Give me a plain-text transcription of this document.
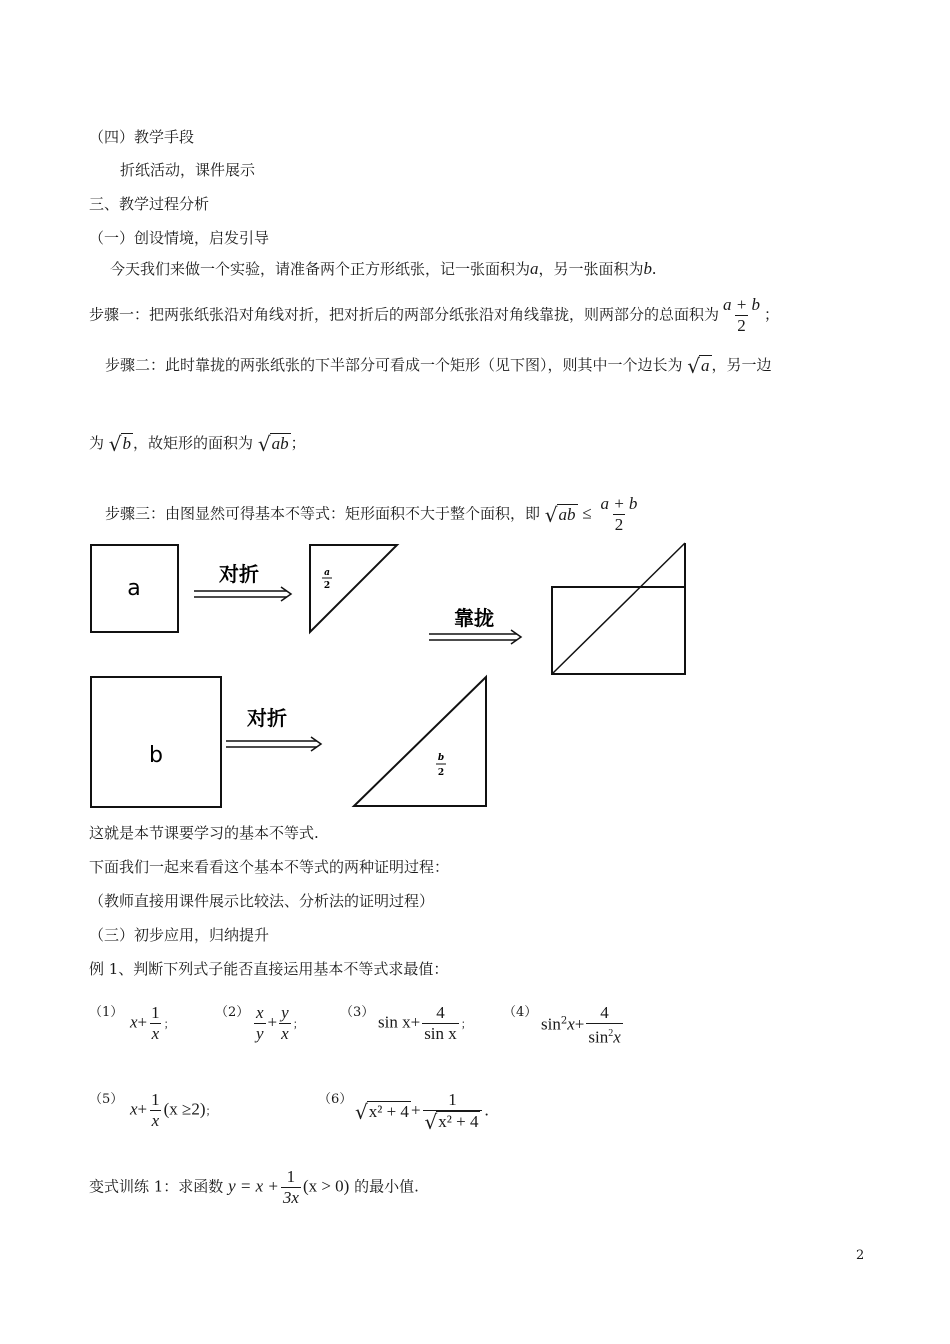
（四）教学手段
折纸活动，课件展示
三、教学过程分析
（一）创设情境，启发引导
今天我们来做一个实验，请准备两个正方形纸张，记一张面积为a，另一张面积为b.
步骤一：把两张纸张沿对角线对折，把对折后的两部分纸张沿对角线靠拢，则两部分的总面积为 $\frac{a + b}{2}$ ；
步骤二：此时靠拢的两张纸张的下半部分可看成一个矩形（见下图），则其中一个边长为 √ a ，另一边
为 √ b ，故矩形的面积为 √ ab ；
步骤三：由图显然可得基本不等式：矩形面积不大于整个面积，即 √ ab ≤ $\frac{a + b}{2}$
a
对折	a
2
靠拢
b
对折
b
2
这就是本节课要学习的基本不等式.
下面我们一起来看看这个基本不等式的两种证明过程：
（教师直接用课件展示比较法、分析法的证明过程）
（三）初步应用，归纳提升
例 1、判断下列式子能否直接运用基本不等式求最值：
（1） $x+ \frac{1}{x}$ ；
$(2) \frac{x}{y} + \frac{y}{x}$ ；
（3） $\sin x+ \frac{4}{\text{sin x}}$ ；
（4）
$\sin^2x+ \frac{4}{\sin^2x}$
（5） $x+ \frac{1}{x} (x \ge 2)$；
（6） √ $x^2 + 4 + \frac{1}{\text{√ x² + 4}}$ .
变式训练 1：求函数 $y = x + \frac{1}{3x} (x > 0)$ 的最小值.
2
